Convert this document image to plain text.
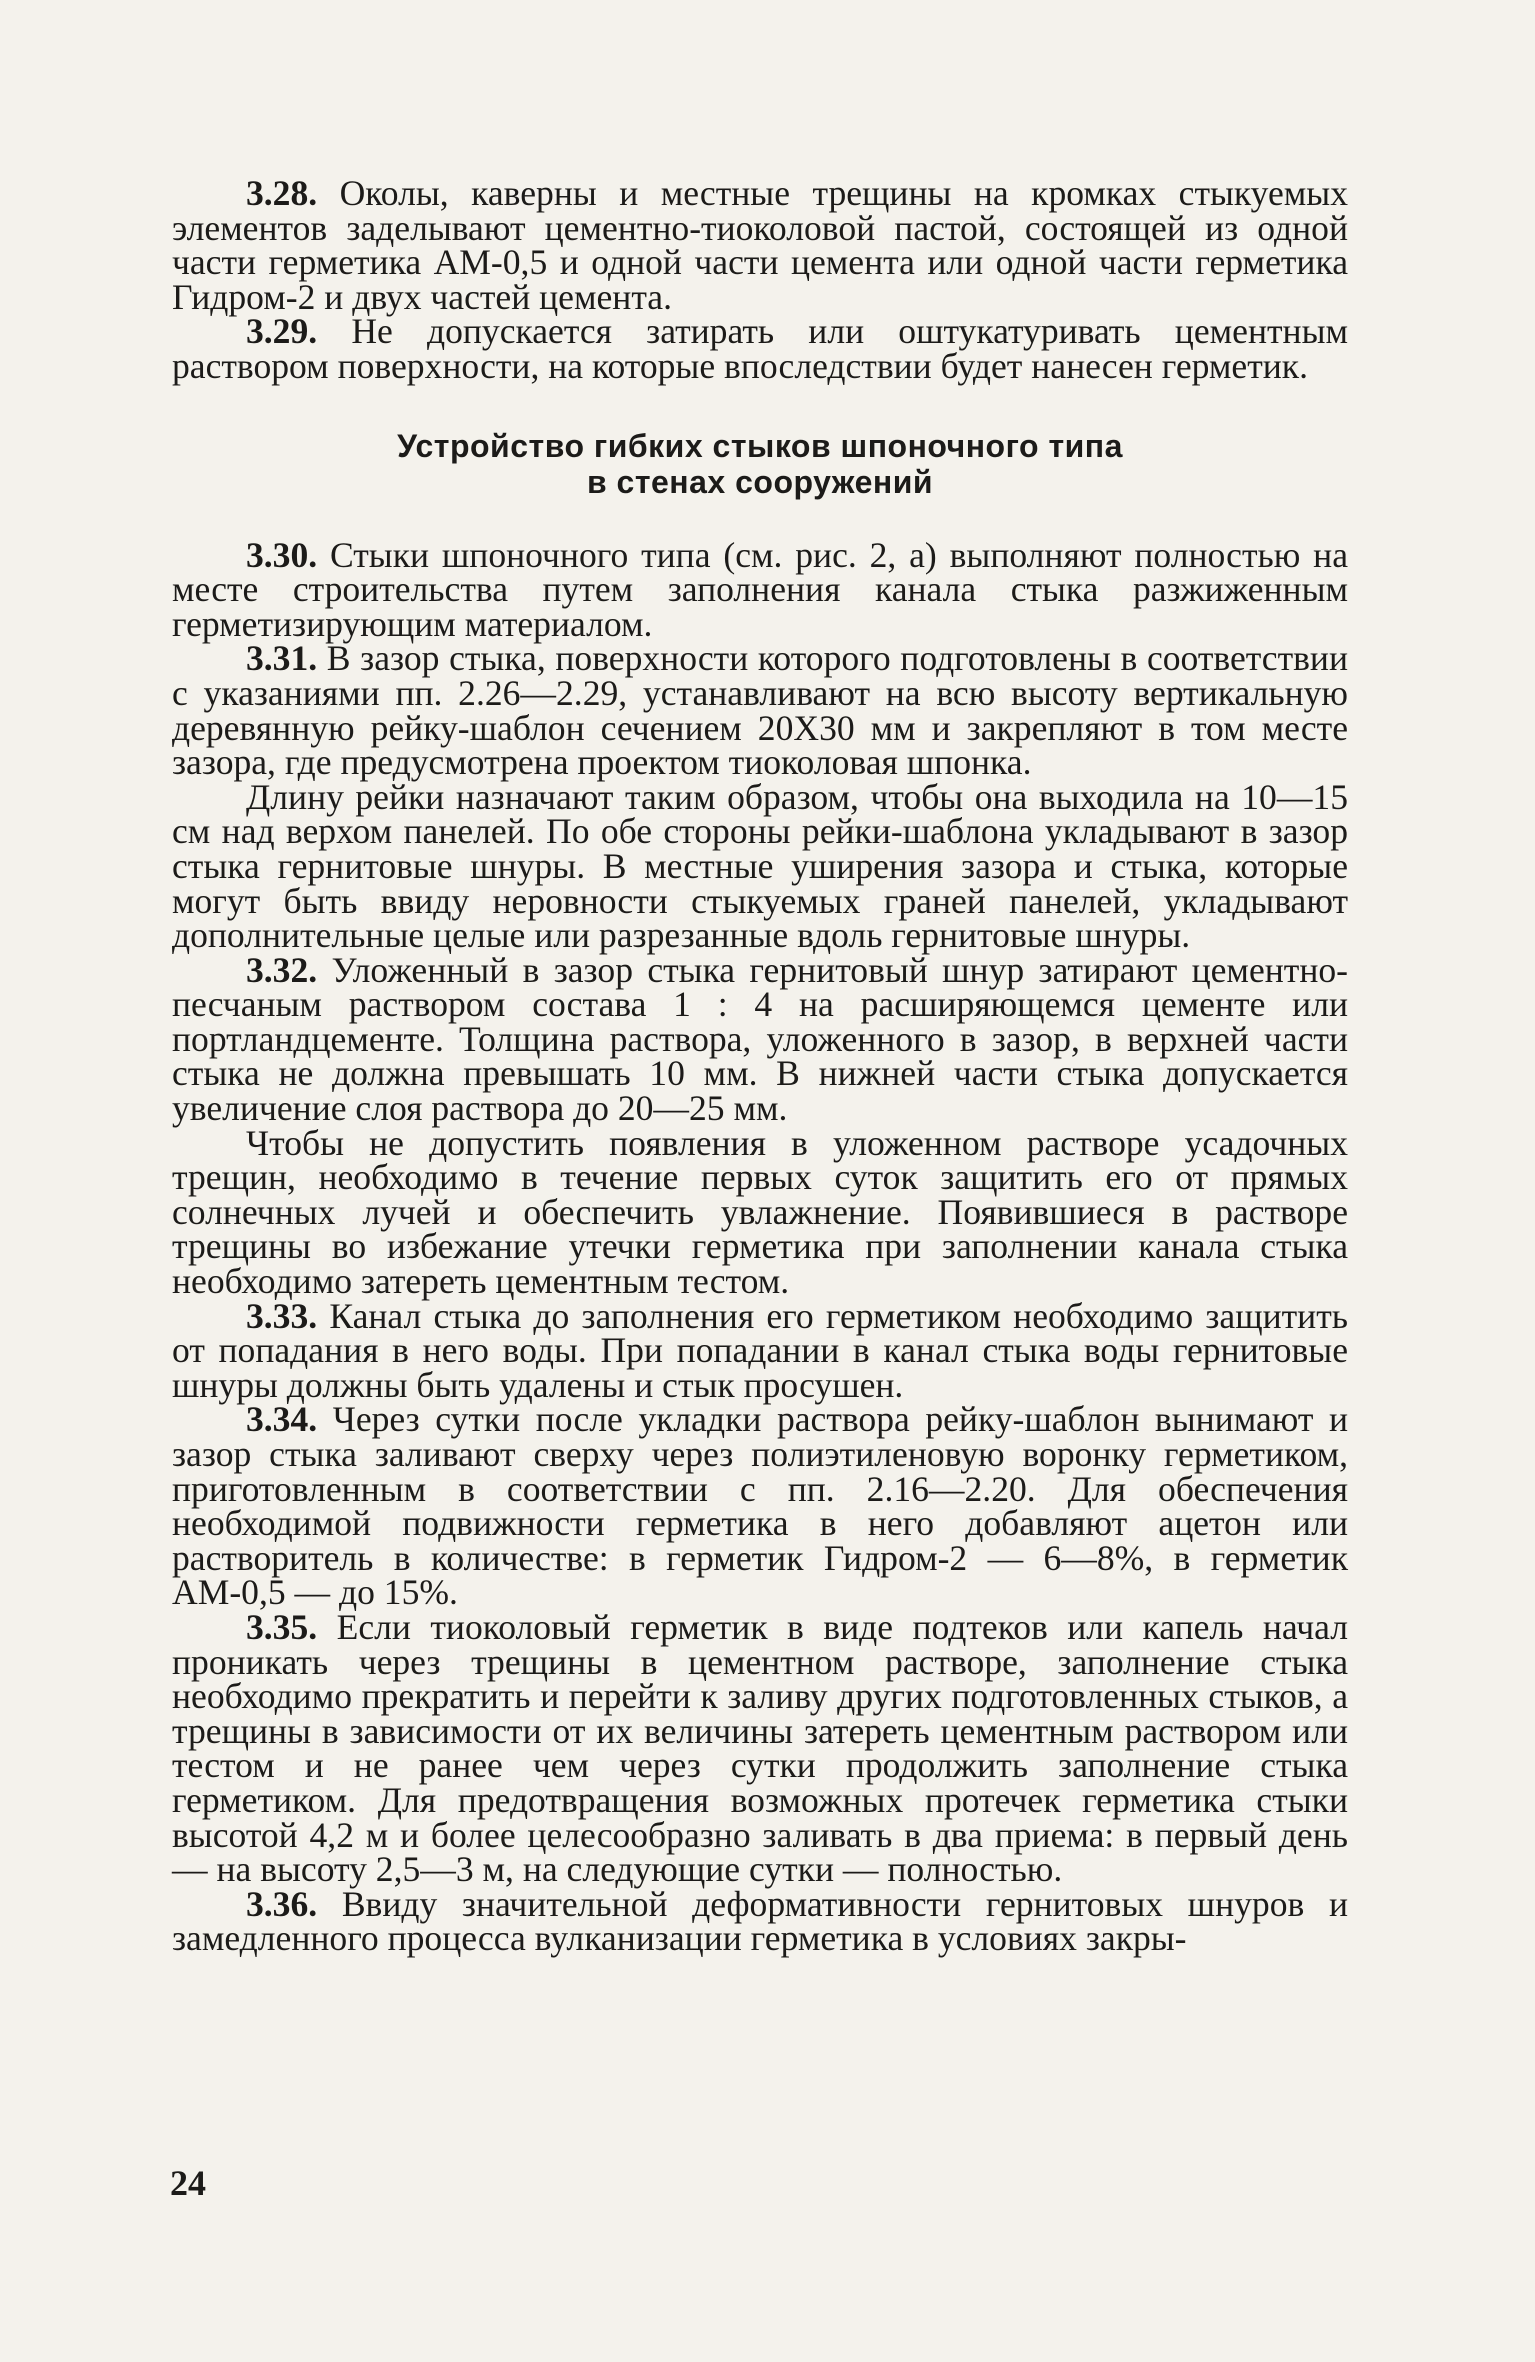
3.28. Околы, каверны и местные трещины на кромках стыкуемых элементов заделывают цементно-тиоколовой пастой, состоящей из одной части герметика АМ-0,5 и одной части цемента или одной части герметика Гидром-2 и двух частей цемента.

3.29. Не допускается затирать или оштукатуривать цементным раствором поверхности, на которые впоследствии будет нанесен герметик.

Устройство гибких стыков шпоночного типа
в стенах сооружений

3.30. Стыки шпоночного типа (см. рис. 2, а) выполняют полностью на месте строительства путем заполнения канала стыка разжиженным герметизирующим материалом.

3.31. В зазор стыка, поверхности которого подготовлены в соответствии с указаниями пп. 2.26—2.29, устанавливают на всю высоту вертикальную деревянную рейку-шаблон сечением 20Х30 мм и закрепляют в том месте зазора, где предусмотрена проектом тиоколовая шпонка.

Длину рейки назначают таким образом, чтобы она выходила на 10—15 см над верхом панелей. По обе стороны рейки-шаблона укладывают в зазор стыка гернитовые шнуры. В местные уширения зазора и стыка, которые могут быть ввиду неровности стыкуемых граней панелей, укладывают дополнительные целые или разрезанные вдоль гернитовые шнуры.

3.32. Уложенный в зазор стыка гернитовый шнур затирают цементно-песчаным раствором состава 1 : 4 на расширяющемся цементе или портландцементе. Толщина раствора, уложенного в зазор, в верхней части стыка не должна превышать 10 мм. В нижней части стыка допускается увеличение слоя раствора до 20—25 мм.

Чтобы не допустить появления в уложенном растворе усадочных трещин, необходимо в течение первых суток защитить его от прямых солнечных лучей и обеспечить увлажнение. Появившиеся в растворе трещины во избежание утечки герметика при заполнении канала стыка необходимо затереть цементным тестом.

3.33. Канал стыка до заполнения его герметиком необходимо защитить от попадания в него воды. При попадании в канал стыка воды гернитовые шнуры должны быть удалены и стык просушен.

3.34. Через сутки после укладки раствора рейку-шаблон вынимают и зазор стыка заливают сверху через полиэтиленовую воронку герметиком, приготовленным в соответствии с пп. 2.16—2.20. Для обеспечения необходимой подвижности герметика в него добавляют ацетон или растворитель в количестве: в герметик Гидром-2 — 6—8%, в герметик АМ-0,5 — до 15%.

3.35. Если тиоколовый герметик в виде подтеков или капель начал проникать через трещины в цементном растворе, заполнение стыка необходимо прекратить и перейти к заливу других подготовленных стыков, а трещины в зависимости от их величины затереть цементным раствором или тестом и не ранее чем через сутки продолжить заполнение стыка герметиком. Для предотвращения возможных протечек герметика стыки высотой 4,2 м и более целесообразно заливать в два приема: в первый день — на высоту 2,5—3 м, на следующие сутки — полностью.

3.36. Ввиду значительной деформативности гернитовых шнуров и замедленного процесса вулканизации герметика в условиях закры-

24
